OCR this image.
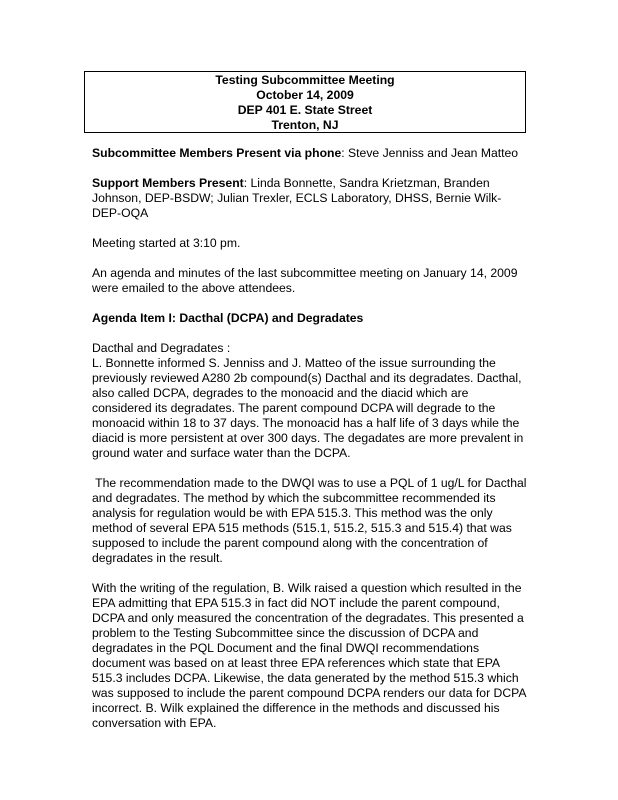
Testing Subcommittee Meeting
October 14, 2009
DEP 401 E. State Street
Trenton, NJ

Subcommittee Members Present via phone: Steve Jenniss and Jean Matteo

Support Members Present: Linda Bonnette, Sandra Krietzman, Branden
Johnson, DEP-BSDW; Julian Trexler, ECLS Laboratory, DHSS, Bernie Wilk-
DEP-OQA

Meeting started at 3:10 pm.

An agenda and minutes of the last subcommittee meeting on January 14, 2009
were emailed to the above attendees.

Agenda Item I: Dacthal (DCPA) and Degradates

Dacthal and Degradates :
L. Bonnette informed S. Jenniss and J. Matteo of the issue surrounding the
previously reviewed A280 2b compound(s) Dacthal and its degradates. Dacthal,
also called DCPA, degrades to the monoacid and the diacid which are
considered its degradates. The parent compound DCPA will degrade to the
monoacid within 18 to 37 days. The monoacid has a half life of 3 days while the
diacid is more persistent at over 300 days. The degadates are more prevalent in
ground water and surface water than the DCPA.

The recommendation made to the DWQI was to use a PQL of 1 ug/L for Dacthal
and degradates. The method by which the subcommittee recommended its
analysis for regulation would be with EPA 515.3. This method was the only
method of several EPA 515 methods (515.1, 515.2, 515.3 and 515.4) that was
supposed to include the parent compound along with the concentration of
degradates in the result.

With the writing of the regulation, B. Wilk raised a question which resulted in the
EPA admitting that EPA 515.3 in fact did NOT include the parent compound,
DCPA and only measured the concentration of the degradates. This presented a
problem to the Testing Subcommittee since the discussion of DCPA and
degradates in the PQL Document and the final DWQI recommendations
document was based on at least three EPA references which state that EPA
515.3 includes DCPA. Likewise, the data generated by the method 515.3 which
was supposed to include the parent compound DCPA renders our data for DCPA
incorrect. B. Wilk explained the difference in the methods and discussed his
conversation with EPA.
